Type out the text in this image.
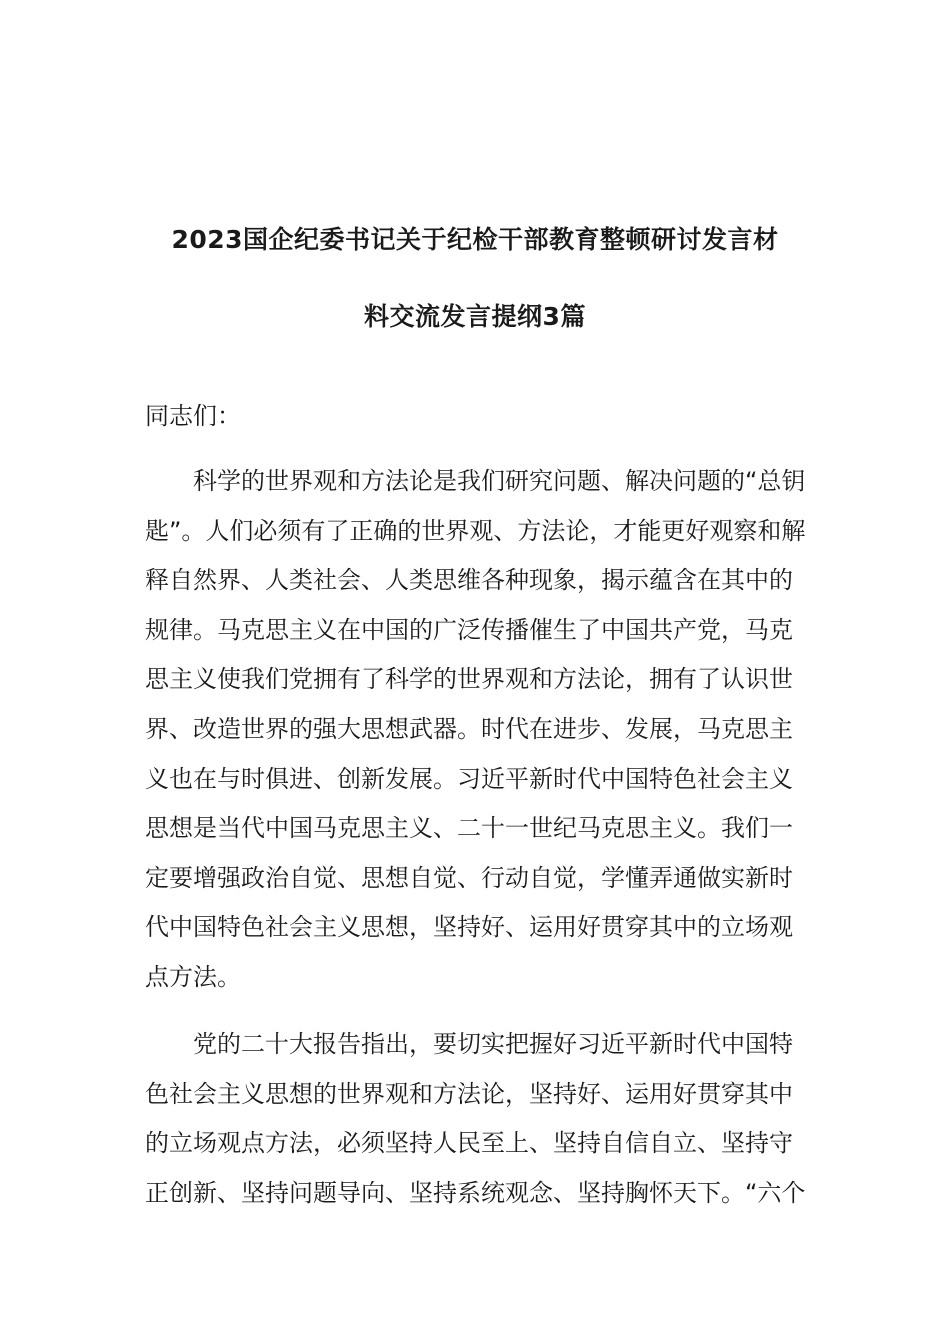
2023国企纪委书记关于纪检干部教育整顿研讨发言材
料交流发言提纲3篇
同志们：
科学的世界观和方法论是我们研究问题、解决问题的“总钥
匙”。人们必须有了正确的世界观、方法论，才能更好观察和解
释自然界、人类社会、人类思维各种现象，揭示蕴含在其中的
规律。马克思主义在中国的广泛传播催生了中国共产党，马克
思主义使我们党拥有了科学的世界观和方法论，拥有了认识世
界、改造世界的强大思想武器。时代在进步、发展，马克思主
义也在与时俱进、创新发展。习近平新时代中国特色社会主义
思想是当代中国马克思主义、二十一世纪马克思主义。我们一
定要增强政治自觉、思想自觉、行动自觉，学懂弄通做实新时
代中国特色社会主义思想，坚持好、运用好贯穿其中的立场观
点方法。
党的二十大报告指出，要切实把握好习近平新时代中国特
色社会主义思想的世界观和方法论，坚持好、运用好贯穿其中
的立场观点方法，必须坚持人民至上、坚持自信自立、坚持守
正创新、坚持问题导向、坚持系统观念、坚持胸怀天下。“六个
